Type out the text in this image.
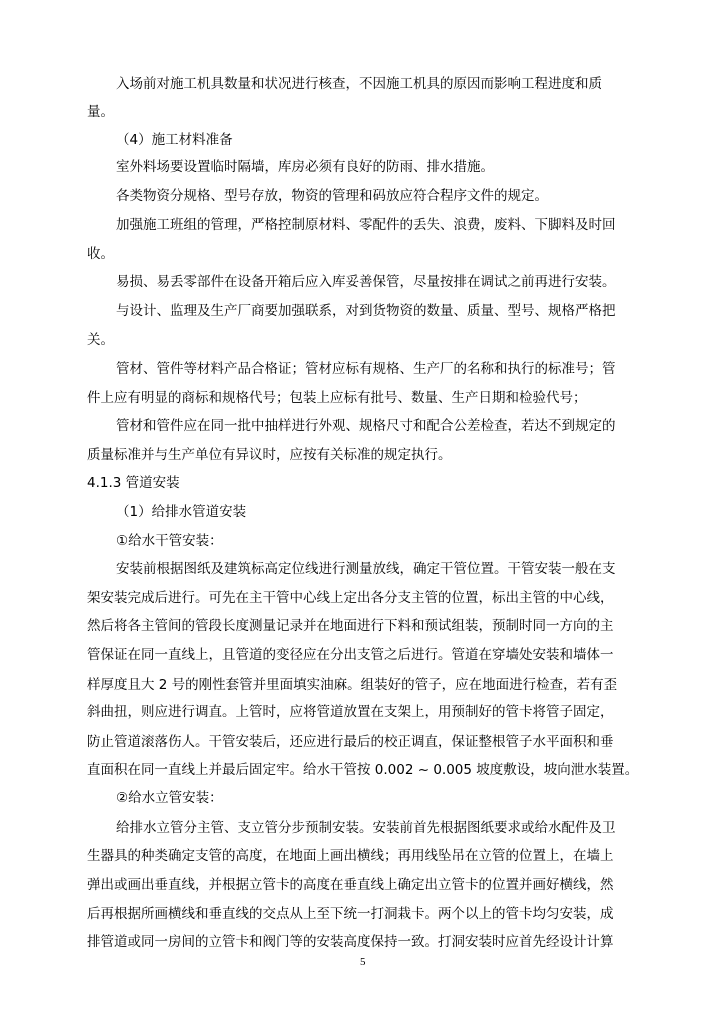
入场前对施工机具数量和状况进行核查，不因施工机具的原因而影响工程进度和质
量。
（4）施工材料准备
室外料场要设置临时隔墙，库房必须有良好的防雨、排水措施。
各类物资分规格、型号存放，物资的管理和码放应符合程序文件的规定。
加强施工班组的管理，严格控制原材料、零配件的丢失、浪费，废料、下脚料及时回
收。
易损、易丢零部件在设备开箱后应入库妥善保管，尽量按排在调试之前再进行安装。
与设计、监理及生产厂商要加强联系，对到货物资的数量、质量、型号、规格严格把
关。
管材、管件等材料产品合格证；管材应标有规格、生产厂的名称和执行的标准号；管
件上应有明显的商标和规格代号；包装上应标有批号、数量、生产日期和检验代号；
管材和管件应在同一批中抽样进行外观、规格尺寸和配合公差检查，若达不到规定的
质量标准并与生产单位有异议时，应按有关标准的规定执行。
4.1.3 管道安装
（1）给排水管道安装
①给水干管安装：
安装前根据图纸及建筑标高定位线进行测量放线，确定干管位置。干管安装一般在支
架安装完成后进行。可先在主干管中心线上定出各分支主管的位置，标出主管的中心线，
然后将各主管间的管段长度测量记录并在地面进行下料和预试组装，预制时同一方向的主
管保证在同一直线上，且管道的变径应在分出支管之后进行。管道在穿墙处安装和墙体一
样厚度且大 2 号的刚性套管并里面填实油麻。组装好的管子，应在地面进行检查，若有歪
斜曲扭，则应进行调直。上管时，应将管道放置在支架上，用预制好的管卡将管子固定，
防止管道滚落伤人。干管安装后，还应进行最后的校正调直，保证整根管子水平面积和垂
直面积在同一直线上并最后固定牢。给水干管按 0.002 ~ 0.005 坡度敷设，坡向泄水装置。
②给水立管安装：
给排水立管分主管、支立管分步预制安装。安装前首先根据图纸要求或给水配件及卫
生器具的种类确定支管的高度，在地面上画出横线；再用线坠吊在立管的位置上，在墙上
弹出或画出垂直线，并根据立管卡的高度在垂直线上确定出立管卡的位置并画好横线，然
后再根据所画横线和垂直线的交点从上至下统一打洞栽卡。两个以上的管卡均匀安装，成
排管道或同一房间的立管卡和阀门等的安装高度保持一致。打洞安装时应首先经设计计算
5
